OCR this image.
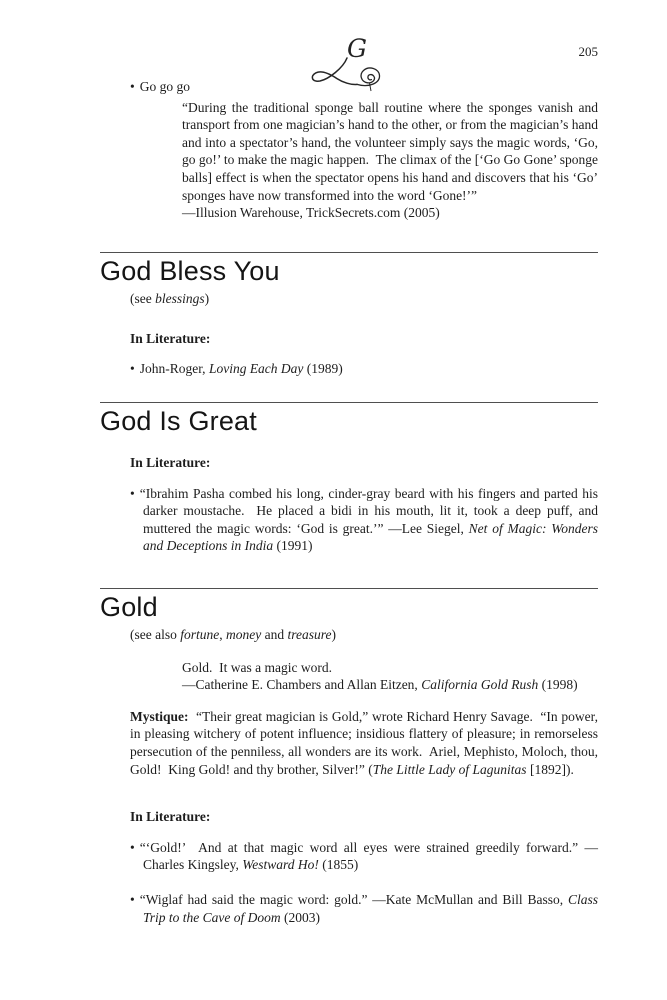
205
G
• Go go go
“During the traditional sponge ball routine where the sponges vanish and transport from one magician’s hand to the other, or from the magician’s hand and into a spectator’s hand, the volunteer simply says the magic words, ‘Go, go go!’ to make the magic happen.  The climax of the [‘Go Go Gone’ sponge balls] effect is when the spectator opens his hand and discovers that his ‘Go’ sponges have now transformed into the word ‘Gone!’”
—Illusion Warehouse, TrickSecrets.com (2005)
God Bless You
(see blessings)
In Literature:
• John-Roger, Loving Each Day (1989)
God Is Great
In Literature:
• “Ibrahim Pasha combed his long, cinder-gray beard with his fingers and parted his darker moustache.  He placed a bidi in his mouth, lit it, took a deep puff, and muttered the magic words: ‘God is great.’” —Lee Siegel, Net of Magic: Wonders and Deceptions in India (1991)
Gold
(see also fortune, money and treasure)
Gold.  It was a magic word.
—Catherine E. Chambers and Allan Eitzen, California Gold Rush (1998)
Mystique:  “Their great magician is Gold,” wrote Richard Henry Savage.  “In power, in pleasing witchery of potent influence; insidious flattery of pleasure; in remorseless persecution of the penniless, all wonders are its work.  Ariel, Mephisto, Moloch, thou, Gold!  King Gold! and thy brother, Silver!” (The Little Lady of Lagunitas [1892]).
In Literature:
• “‘Gold!’  And at that magic word all eyes were strained greedily forward.” —Charles Kingsley, Westward Ho! (1855)
• “Wiglaf had said the magic word: gold.” —Kate McMullan and Bill Basso, Class Trip to the Cave of Doom (2003)
